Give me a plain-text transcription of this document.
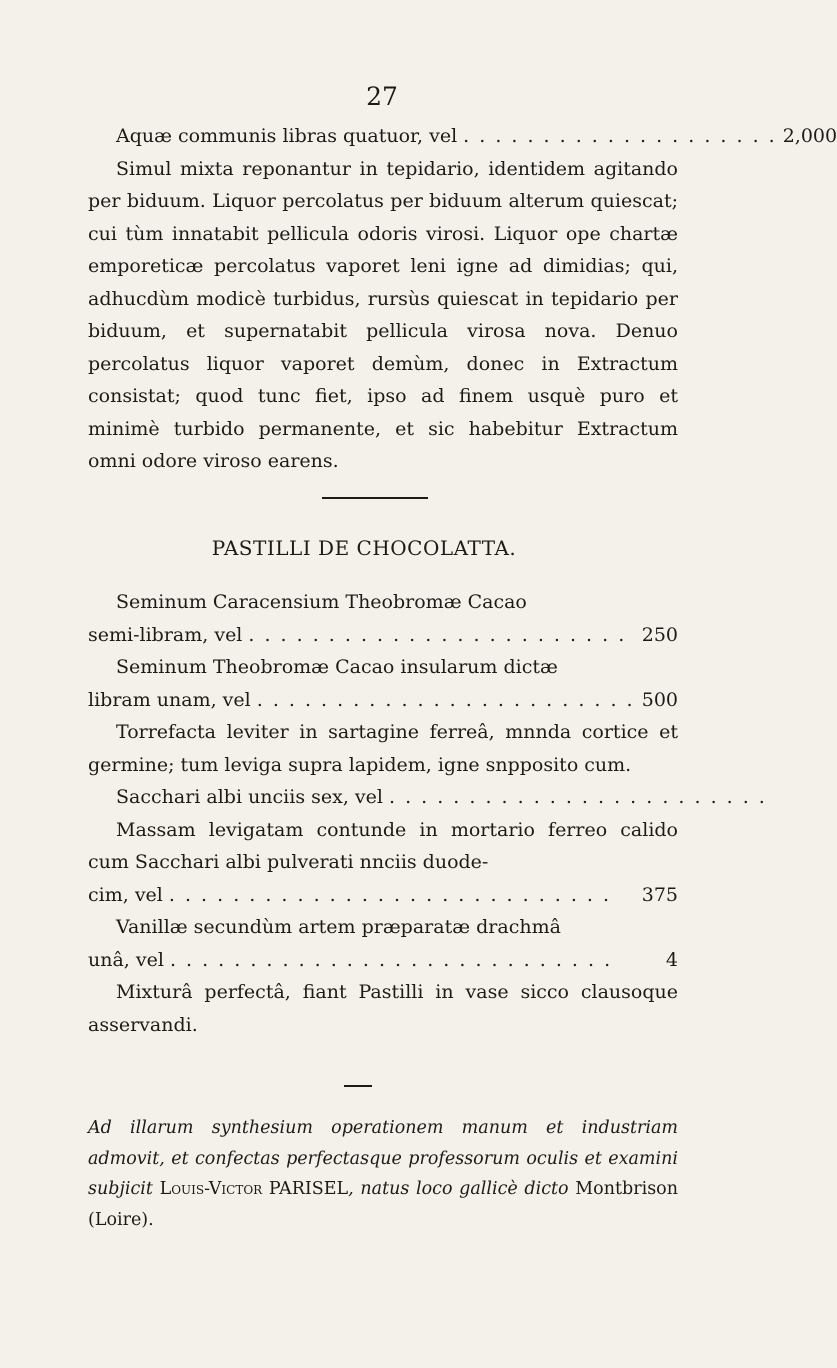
27
Aquæ communis libras quatuor, vel . . . . . . . . . . . . . . . . . . . . 2,000
Simul mixta reponantur in tepidario, identidem agitando per biduum. Liquor percolatus per biduum alterum quiescat; cui tùm innatabit pellicula odoris virosi. Liquor ope chartæ emporeticæ percolatus vaporet leni igne ad dimidias; qui, adhucdùm modicè turbidus, rursùs quiescat in tepidario per biduum, et supernatabit pellicula virosa nova. Denuo percolatus liquor vaporet demùm, donec in Extractum consistat; quod tunc fiet, ipso ad finem usquè puro et minimè turbido permanente, et sic habebitur Extractum omni odore viroso earens.
PASTILLI DE CHOCOLATTA.
Seminum Caracensium Theobromæ Cacao
semi-libram, vel . . . . . . . . . . . . . . . . . . . . . . . . 250
Seminum Theobromæ Cacao insularum dictæ
libram unam, vel . . . . . . . . . . . . . . . . . . . . . . . . 500
Torrefacta leviter in sartagine ferreâ, mnnda cortice et germine; tum leviga supra lapidem, igne snpposito cum.
Sacchari albi unciis sex, vel . . . . . . . . . . . . . . . . . . . . . . . .
Massam levigatam contunde in mortario ferreo calido cum Sacchari albi pulverati nnciis duode-
cim, vel . . . . . . . . . . . . . . . . . . . . . . . . . . . .	375
Vanillæ secundùm artem præparatæ drachmâ
unâ, vel . . . . . . . . . . . . . . . . . . . . . . . . . . . .	4
Mixturâ perfectâ, fiant Pastilli in vase sicco clausoque asservandi.
Ad illarum synthesium operationem manum et industriam admovit, et confectas perfectasque professorum oculis et examini subjicit Louis-Victor PARISEL, natus loco gallicè dicto Montbrison (Loire).
